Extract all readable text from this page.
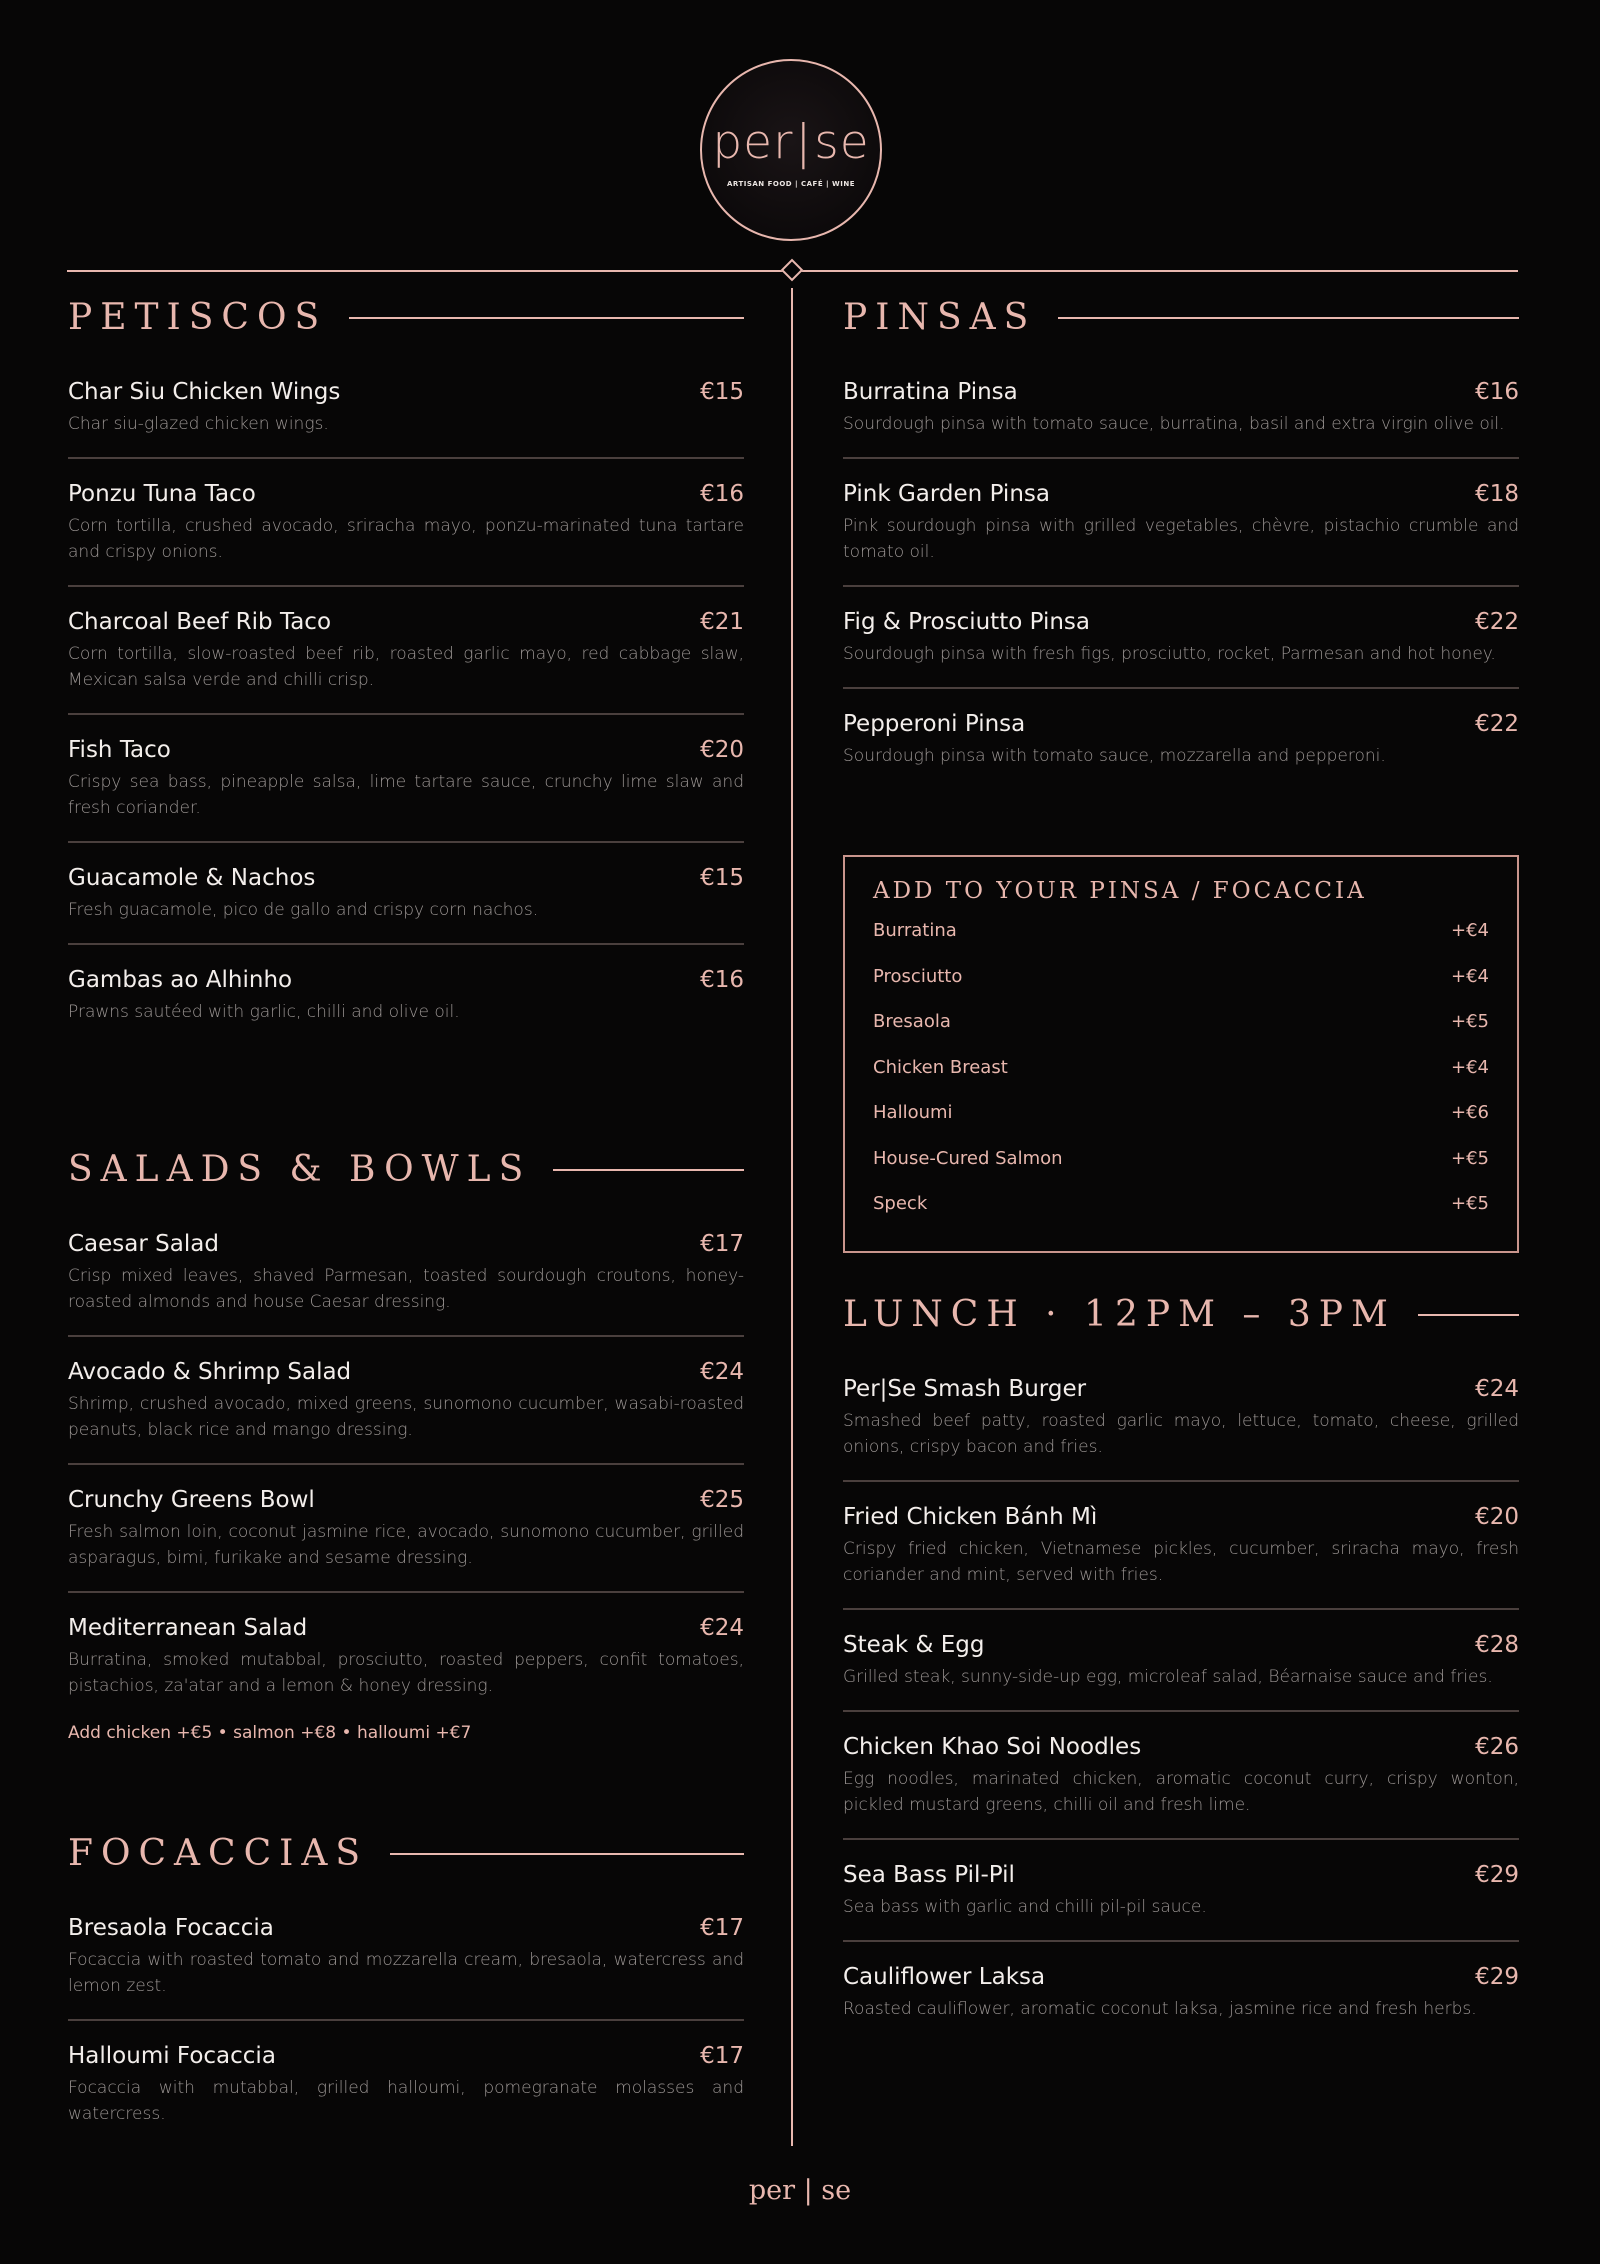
per|se
ARTISAN FOOD | CAFÉ | WINE
PETISCOS
Char Siu Chicken Wings	€15
Char siu-glazed chicken wings.
Ponzu Tuna Taco	€16
Corn tortilla, crushed avocado, sriracha mayo, ponzu-marinated tuna tartare and crispy onions.
Charcoal Beef Rib Taco	€21
Corn tortilla, slow-roasted beef rib, roasted garlic mayo, red cabbage slaw, Mexican salsa verde and chilli crisp.
Fish Taco	€20
Crispy sea bass, pineapple salsa, lime tartare sauce, crunchy lime slaw and fresh coriander.
Guacamole & Nachos	€15
Fresh guacamole, pico de gallo and crispy corn nachos.
Gambas ao Alhinho	€16
Prawns sautéed with garlic, chilli and olive oil.
SALADS & BOWLS
Caesar Salad	€17
Crisp mixed leaves, shaved Parmesan, toasted sourdough croutons, honey-roasted almonds and house Caesar dressing.
Avocado & Shrimp Salad	€24
Shrimp, crushed avocado, mixed greens, sunomono cucumber, wasabi-roasted peanuts, black rice and mango dressing.
Crunchy Greens Bowl	€25
Fresh salmon loin, coconut jasmine rice, avocado, sunomono cucumber, grilled asparagus, bimi, furikake and sesame dressing.
Mediterranean Salad	€24
Burratina, smoked mutabbal, prosciutto, roasted peppers, confit tomatoes, pistachios, za'atar and a lemon & honey dressing.
Add chicken +€5 • salmon +€8 • halloumi +€7
FOCACCIAS
Bresaola Focaccia	€17
Focaccia with roasted tomato and mozzarella cream, bresaola, watercress and lemon zest.
Halloumi Focaccia	€17
Focaccia with mutabbal, grilled halloumi, pomegranate molasses and watercress.
PINSAS
Burratina Pinsa	€16
Sourdough pinsa with tomato sauce, burratina, basil and extra virgin olive oil.
Pink Garden Pinsa	€18
Pink sourdough pinsa with grilled vegetables, chèvre, pistachio crumble and tomato oil.
Fig & Prosciutto Pinsa	€22
Sourdough pinsa with fresh figs, prosciutto, rocket, Parmesan and hot honey.
Pepperoni Pinsa	€22
Sourdough pinsa with tomato sauce, mozzarella and pepperoni.
ADD TO YOUR PINSA / FOCACCIA
Burratina	+€4
Prosciutto	+€4
Bresaola	+€5
Chicken Breast	+€4
Halloumi	+€6
House-Cured Salmon	+€5
Speck	+€5
LUNCH · 12PM – 3PM
Per|Se Smash Burger	€24
Smashed beef patty, roasted garlic mayo, lettuce, tomato, cheese, grilled onions, crispy bacon and fries.
Fried Chicken Bánh Mì	€20
Crispy fried chicken, Vietnamese pickles, cucumber, sriracha mayo, fresh coriander and mint, served with fries.
Steak & Egg	€28
Grilled steak, sunny-side-up egg, microleaf salad, Béarnaise sauce and fries.
Chicken Khao Soi Noodles	€26
Egg noodles, marinated chicken, aromatic coconut curry, crispy wonton, pickled mustard greens, chilli oil and fresh lime.
Sea Bass Pil-Pil	€29
Sea bass with garlic and chilli pil-pil sauce.
Cauliflower Laksa	€29
Roasted cauliflower, aromatic coconut laksa, jasmine rice and fresh herbs.
per | se
